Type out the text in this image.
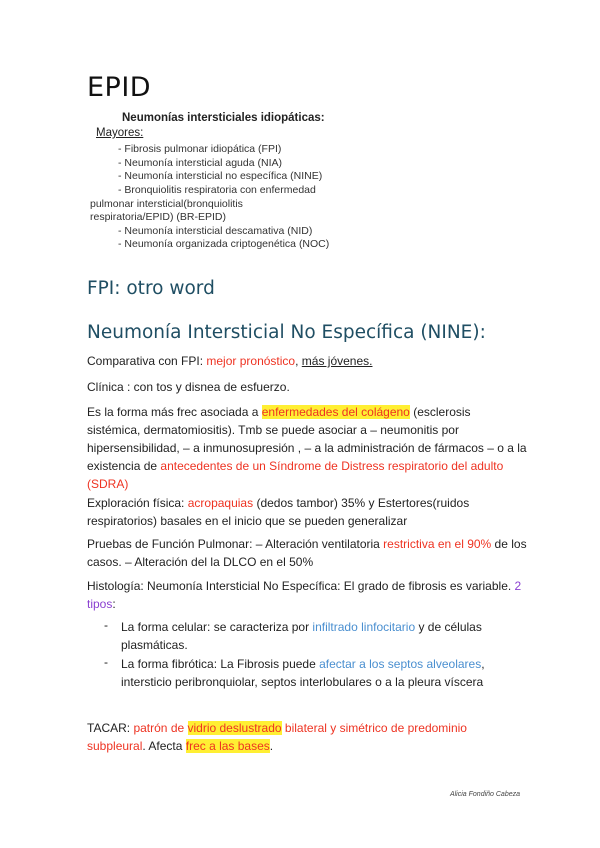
EPID
Neumonías intersticiales idiopáticas:
Mayores:
- Fibrosis pulmonar idiopática (FPI)
- Neumonía intersticial aguda (NIA)
- Neumonía intersticial no específica (NINE)
- Bronquiolitis respiratoria con enfermedad
pulmonar intersticial(bronquiolitis
respiratoria/EPID) (BR-EPID)
- Neumonía intersticial descamativa (NID)
- Neumonía organizada criptogenética (NOC)
FPI: otro word
Neumonía Intersticial No Específica (NINE):
Comparativa con FPI: mejor pronóstico, más jóvenes.
Clínica : con tos y disnea de esfuerzo.
Es la forma más frec asociada a enfermedades del colágeno (esclerosis sistémica, dermatomiositis). Tmb se puede asociar a – neumonitis por hipersensibilidad, – a inmunosupresión , – a la administración de fármacos – o a la existencia de antecedentes de un Síndrome de Distress respiratorio del adulto (SDRA)
Exploración física: acropaquias (dedos tambor) 35% y Estertores(ruidos respiratorios) basales en el inicio que se pueden generalizar
Pruebas de Función Pulmonar: – Alteración ventilatoria restrictiva en el 90% de los casos. – Alteración del la DLCO en el 50%
Histología: Neumonía Intersticial No Específica: El grado de fibrosis es variable. 2 tipos:
- La forma celular: se caracteriza por infiltrado linfocitario y de células plasmáticas.
- La forma fibrótica: La Fibrosis puede afectar a los septos alveolares, intersticio peribronquiolar, septos interlobulares o a la pleura víscera
TACAR: patrón de vidrio deslustrado bilateral y simétrico de predominio subpleural. Afecta frec a las bases.
Alicia Fondiño Cabeza
